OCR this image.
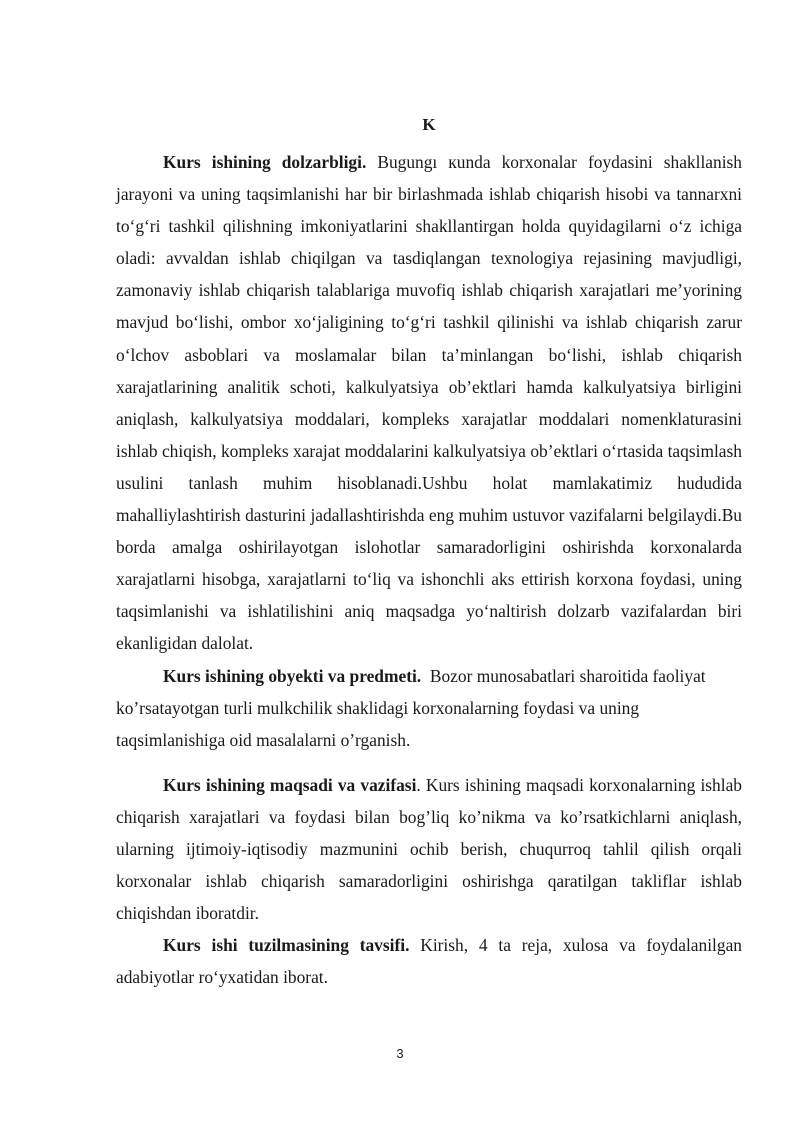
K

Kurs ishining dolzarbligi. Bugungı кunda korxonalar foydasini shakllanish jarayoni va uning taqsimlanishi har bir birlashmada ishlab chiqarish hisobi va tannarxni to‘g‘ri tashkil qilishning imkoniyatlarini shakllantirgan holda quyidagilarni o‘z ichiga oladi: avvaldan ishlab chiqilgan va tasdiqlangan texnologiya rejasining mavjudligi, zamonaviy ishlab chiqarish talablariga muvofiq ishlab chiqarish xarajatlari me’yorining mavjud bo‘lishi, ombor xo‘jaligining to‘g‘ri tashkil qilinishi va ishlab chiqarish zarur o‘lchov asboblari va moslamalar bilan ta’minlangan bo‘lishi, ishlab chiqarish xarajatlarining analitik schoti, kalkulyatsiya ob’ektlari hamda kalkulyatsiya birligini aniqlash, kalkulyatsiya moddalari, kompleks xarajatlar moddalari nomenklaturasini ishlab chiqish, kompleks xarajat moddalarini kalkulyatsiya ob’ektlari o‘rtasida taqsimlash usulini tanlash muhim hisoblanadi.Ushbu holat mamlakatimiz hududida mahalliylashtirish dasturini jadallashtirishda eng muhim ustuvor vazifalarni belgilaydi.Bu borda amalga oshirilayotgan islohotlar samaradorligini oshirishda korxonalarda xarajatlarni hisobga, xarajatlarni to‘liq va ishonchli aks ettirish korxona foydasi, uning taqsimlanishi va ishlatilishini aniq maqsadga yo‘naltirish dolzarb vazifalardan biri ekanligidan dalolat.

Kurs ishining obyekti va predmeti.  Bozor munosabatlari sharoitida faoliyat ko’rsatayotgan turli mulkchilik shaklidagi korxonalarning foydasi va uning taqsimlanishiga oid masalalarni o’rganish.

Kurs ishining maqsadi va vazifasi. Kurs ishining maqsadi korxonalarning ishlab chiqarish xarajatlari va foydasi bilan bog’liq ko’nikma va ko’rsatkichlarni aniqlash, ularning ijtimoiy-iqtisodiy mazmunini ochib berish, chuqurroq tahlil qilish orqali korxonalar ishlab chiqarish samaradorligini oshirishga qaratilgan takliflar ishlab chiqishdan iboratdir.

Kurs ishi tuzilmasining tavsifi. Kirish, 4 ta reja, xulosa va foydalanilgan adabiyotlar ro‘yxatidan iborat.

3
